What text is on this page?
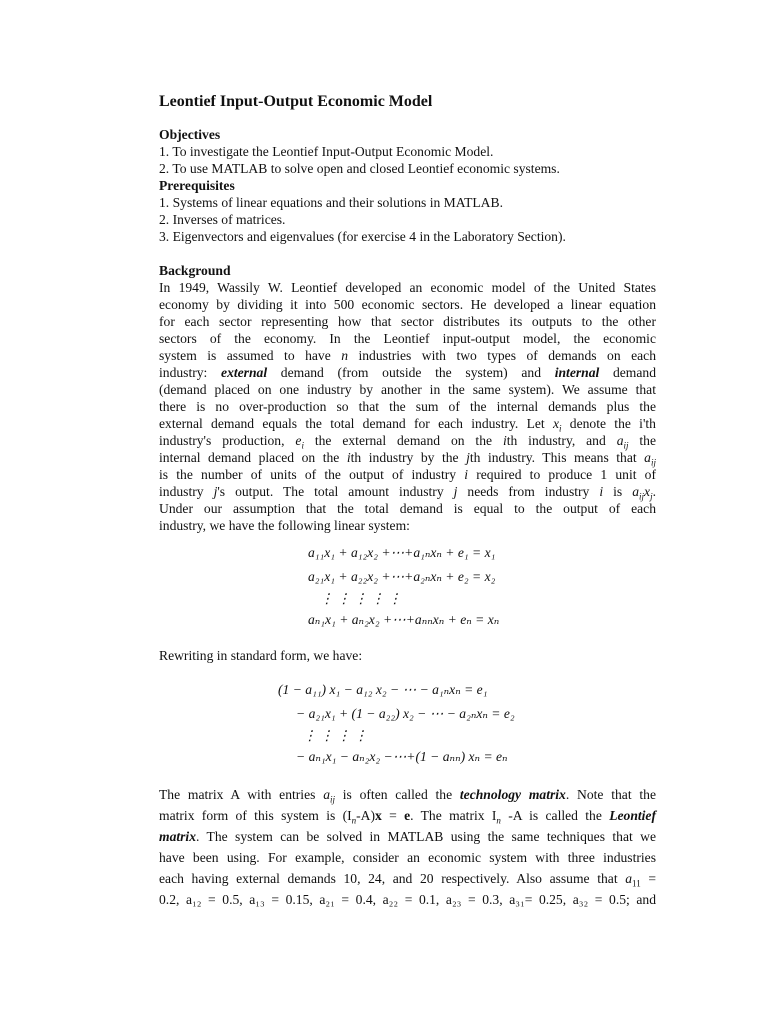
Leontief Input-Output Economic Model
Objectives
1. To investigate the Leontief Input-Output Economic Model.
2. To use MATLAB to solve open and closed Leontief economic systems.
Prerequisites
1. Systems of linear equations and their solutions in MATLAB.
2. Inverses of matrices.
3. Eigenvectors and eigenvalues (for exercise 4 in the Laboratory Section).
Background
In 1949, Wassily W. Leontief developed an economic model of the United States
economy by dividing it into 500 economic sectors. He developed a linear equation
for each sector representing how that sector distributes its outputs to the other
sectors of the economy. In the Leontief input-output model, the economic
system is assumed to have n industries with two types of demands on each
industry: external demand (from outside the system) and internal demand
(demand placed on one industry by another in the same system). We assume that
there is no over-production so that the sum of the internal demands plus the
external demand equals the total demand for each industry. Let $x_i$ denote the i'th
industry's production, $e_i$ the external demand on the ith industry, and $a_{ij}$ the
internal demand placed on the ith industry by the jth industry. This means that $a_{ij}$
is the number of units of the output of industry i required to produce 1 unit of
industry j's output. The total amount industry j needs from industry i is $a_{ij}x_j$.
Under our assumption that the total demand is equal to the output of each
industry, we have the following linear system:
a₁₁x₁ + a₁₂x₂ +⋯+a₁ₙxₙ + e₁ = x₁
a₂₁x₁ + a₂₂x₂ +⋯+a₂ₙxₙ + e₂ = x₂
⋮ ⋮ ⋮ ⋮ ⋮
aₙ₁x₁ + aₙ₂x₂ +⋯+aₙₙxₙ + eₙ = xₙ
Rewriting in standard form, we have:
(1 − a₁₁) x₁ − a₁₂ x₂ − ⋯ − a₁ₙxₙ = e₁
− a₂₁x₁ + (1 − a₂₂) x₂ − ⋯ − a₂ₙxₙ = e₂
⋮ ⋮ ⋮ ⋮
− aₙ₁x₁ − aₙ₂x₂ −⋯+(1 − aₙₙ) xₙ = eₙ
The matrix A with entries $a_{ij}$ is often called the technology matrix. Note that the
matrix form of this system is $(I_n-A)x = e$. The matrix $I_n$ -A is called the Leontief
matrix. The system can be solved in MATLAB using the same techniques that we
have been using. For example, consider an economic system with three industries
each having external demands 10, 24, and 20 respectively. Also assume that $a_{11}$ =
0.2, a₁₂ = 0.5, a₁₃ = 0.15, a₂₁ = 0.4, a₂₂ = 0.1, a₂₃ = 0.3, a₃₁= 0.25, a₃₂ = 0.5; and
